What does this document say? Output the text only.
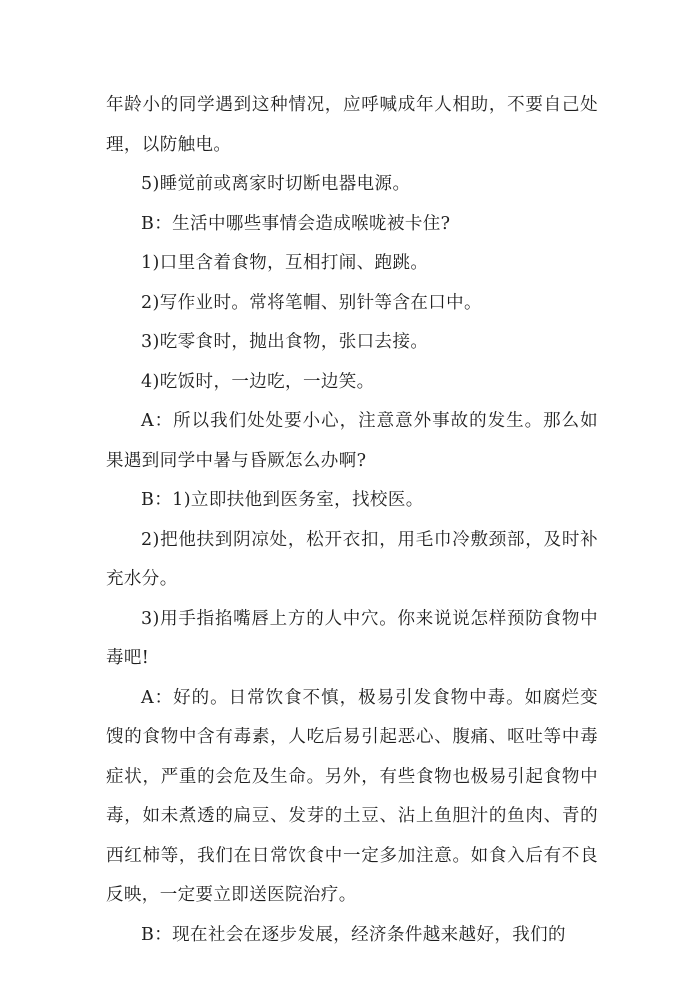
年龄小的同学遇到这种情况，应呼喊成年人相助，不要自己处理，以防触电。

5)睡觉前或离家时切断电器电源。

B：生活中哪些事情会造成喉咙被卡住?

1)口里含着食物，互相打闹、跑跳。

2)写作业时。常将笔帽、别针等含在口中。

3)吃零食时，抛出食物，张口去接。

4)吃饭时，一边吃，一边笑。

A：所以我们处处要小心，注意意外事故的发生。那么如果遇到同学中暑与昏厥怎么办啊?

B：1)立即扶他到医务室，找校医。

2)把他扶到阴凉处，松开衣扣，用毛巾冷敷颈部，及时补充水分。

3)用手指掐嘴唇上方的人中穴。你来说说怎样预防食物中毒吧!

A：好的。日常饮食不慎，极易引发食物中毒。如腐烂变馊的食物中含有毒素，人吃后易引起恶心、腹痛、呕吐等中毒症状，严重的会危及生命。另外，有些食物也极易引起食物中毒，如未煮透的扁豆、发芽的土豆、沾上鱼胆汁的鱼肉、青的西红柿等，我们在日常饮食中一定多加注意。如食入后有不良反映，一定要立即送医院治疗。

B：现在社会在逐步发展，经济条件越来越好，我们的
